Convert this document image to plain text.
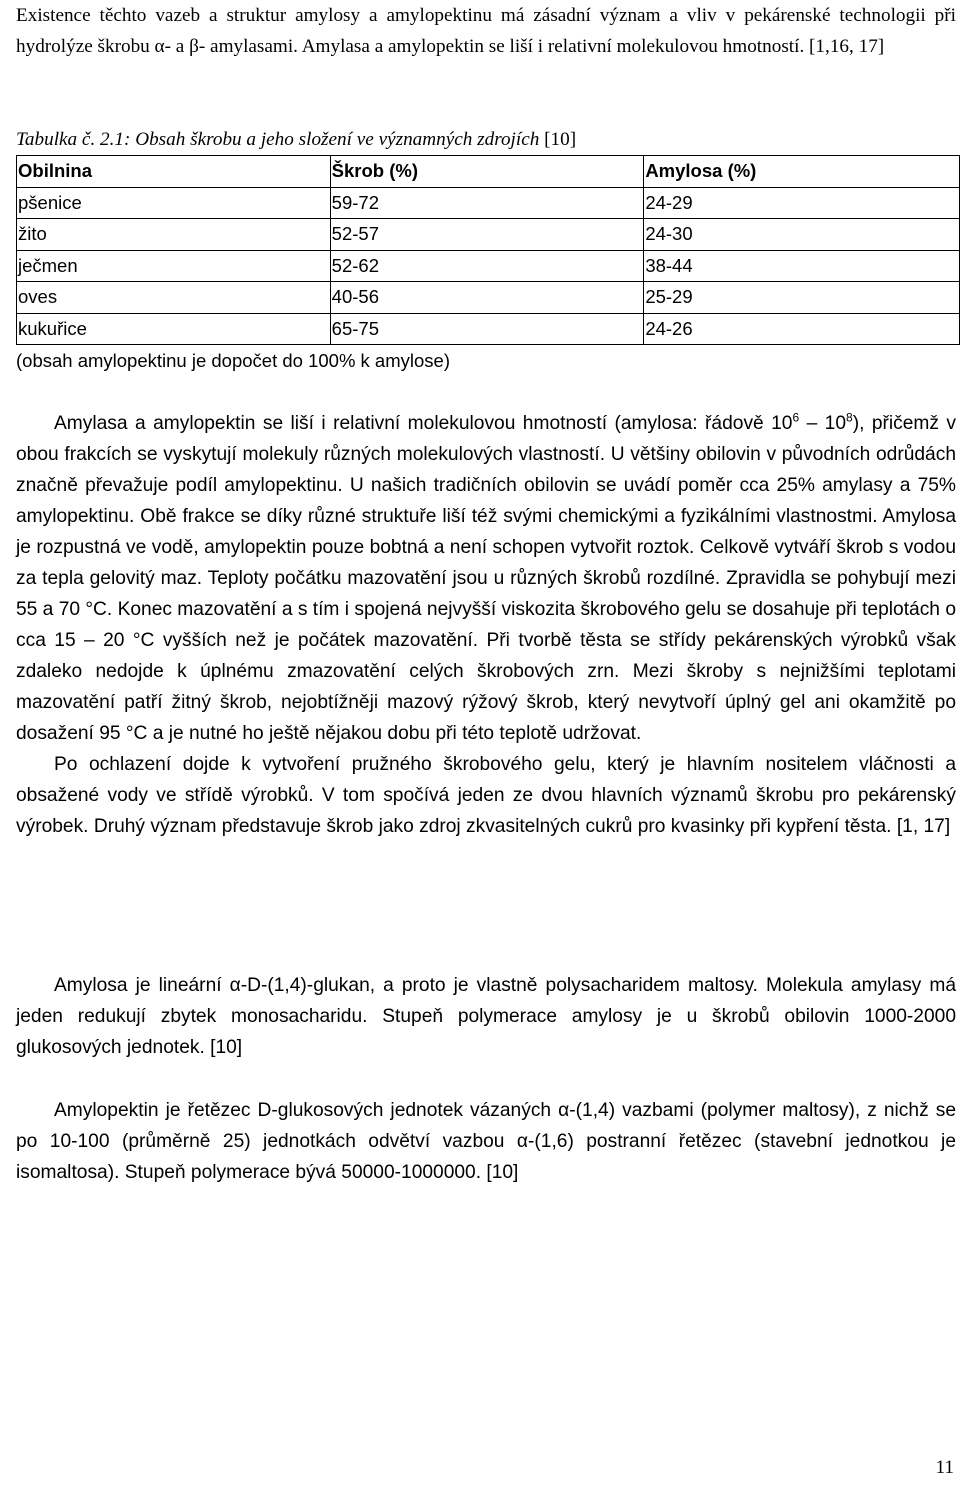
Existence těchto vazeb a struktur amylosy a amylopektinu má zásadní význam a vliv v pekárenské technologii při hydrolýze škrobu α- a β- amylasami. Amylasa a amylopektin se liší i relativní molekulovou hmotností. [1,16, 17]

Tabulka č. 2.1: Obsah škrobu a jeho složení ve významných zdrojích [10]
Obilnina	Škrob (%)	Amylosa (%)
pšenice	59-72	24-29
žito	52-57	24-30
ječmen	52-62	38-44
oves	40-56	25-29
kukuřice	65-75	24-26
(obsah amylopektinu je dopočet do 100% k amylose)

Amylasa a amylopektin se liší i relativní molekulovou hmotností (amylosa: řádově $10^6 - 10^8$), přičemž v obou frakcích se vyskytují molekuly různých molekulových vlastností. U většiny obilovin v původních odrůdách značně převažuje podíl amylopektinu. U našich tradičních obilovin se uvádí poměr cca 25% amylasy a 75% amylopektinu. Obě frakce se díky různé struktuře liší též svými chemickými a fyzikálními vlastnostmi. Amylosa je rozpustná ve vodě, amylopektin pouze bobtná a není schopen vytvořit roztok. Celkově vytváří škrob s vodou za tepla gelovitý maz. Teploty počátku mazovatění jsou u různých škrobů rozdílné. Zpravidla se pohybují mezi 55 a 70 °C. Konec mazovatění a s tím i spojená nejvyšší viskozita škrobového gelu se dosahuje při teplotách o cca 15 – 20 °C vyšších než je počátek mazovatění. Při tvorbě těsta se střídy pekárenských výrobků však zdaleko nedojde k úplnému zmazovatění celých škrobových zrn. Mezi škroby s nejnižšími teplotami mazovatění patří žitný škrob, nejobtížněji mazový rýžový škrob, který nevytvoří úplný gel ani okamžitě po dosažení 95 °C a je nutné ho ještě nějakou dobu při této teplotě udržovat.

Po ochlazení dojde k vytvoření pružného škrobového gelu, který je hlavním nositelem vláčnosti a obsažené vody ve střídě výrobků. V tom spočívá jeden ze dvou hlavních významů škrobu pro pekárenský výrobek. Druhý význam představuje škrob jako zdroj zkvasitelných cukrů pro kvasinky při kypření těsta. [1, 17]

Amylosa je lineární α-D-(1,4)-glukan, a proto je vlastně polysacharidem maltosy. Molekula amylasy má jeden redukují zbytek monosacharidu. Stupeň polymerace amylosy je u škrobů obilovin 1000-2000 glukosových jednotek. [10]

Amylopektin je řetězec D-glukosových jednotek vázaných α-(1,4) vazbami (polymer maltosy), z nichž se po 10-100 (průměrně 25) jednotkách odvětví vazbou α-(1,6) postranní řetězec (stavební jednotkou je isomaltosa). Stupeň polymerace bývá 50000-1000000. [10]

11
